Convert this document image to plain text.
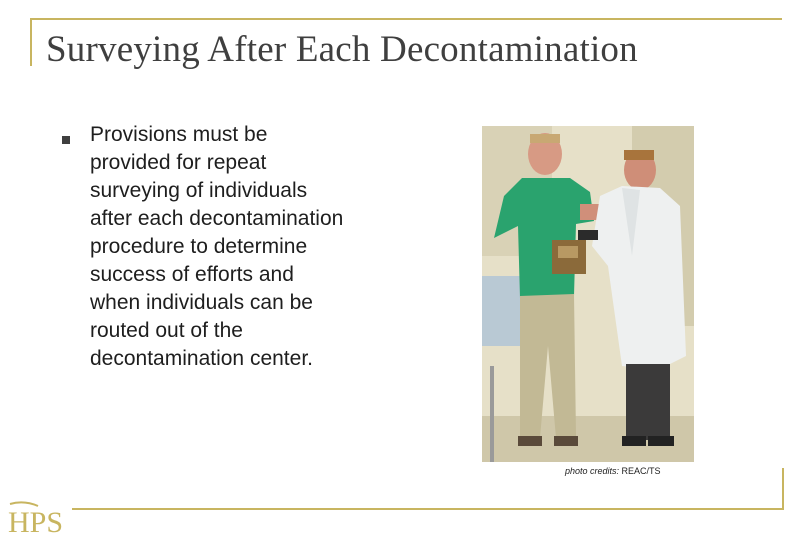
Surveying After Each Decontamination
Provisions must be
provided for repeat
surveying of individuals
after each decontamination
procedure to determine
success of efforts and
when individuals can be
routed out of the
decontamination center.
photo credits: REAC/TS
HPS
